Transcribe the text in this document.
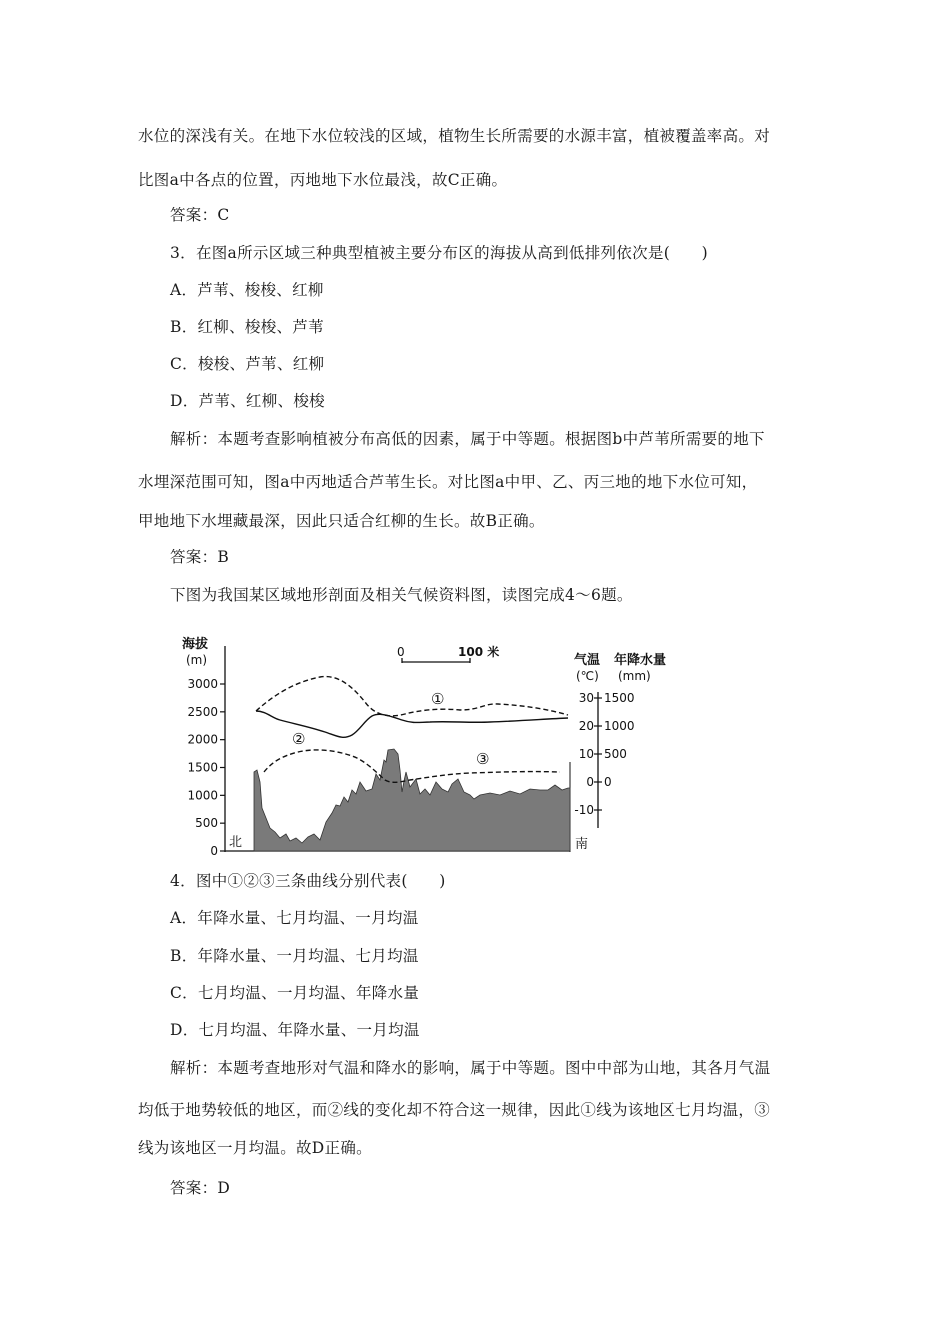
水位的深浅有关。在地下水位较浅的区域，植物生长所需要的水源丰富，植被覆盖率高。对
比图a中各点的位置，丙地地下水位最浅，故C正确。
答案：C
3．在图a所示区域三种典型植被主要分布区的海拔从高到低排列依次是(　　)
A．芦苇、梭梭、红柳
B．红柳、梭梭、芦苇
C．梭梭、芦苇、红柳
D．芦苇、红柳、梭梭
解析：本题考查影响植被分布高低的因素，属于中等题。根据图b中芦苇所需要的地下
水埋深范围可知，图a中丙地适合芦苇生长。对比图a中甲、乙、丙三地的地下水位可知，
甲地地下水埋藏最深，因此只适合红柳的生长。故B正确。
答案：B
下图为我国某区域地形剖面及相关气候资料图，读图完成4～6题。
海拔
(m)
3000
2500
2000
1500
1000
500
0
0	100 米
气温
(℃)
年降水量
(mm)
30
20
10
0
-10
1500
1000
500
0
①
②
③
北	南
4．图中①②③三条曲线分别代表(　　)
A．年降水量、七月均温、一月均温
B．年降水量、一月均温、七月均温
C．七月均温、一月均温、年降水量
D．七月均温、年降水量、一月均温
解析：本题考查地形对气温和降水的影响，属于中等题。图中中部为山地，其各月气温
均低于地势较低的地区，而②线的变化却不符合这一规律，因此①线为该地区七月均温，③
线为该地区一月均温。故D正确。
答案：D
